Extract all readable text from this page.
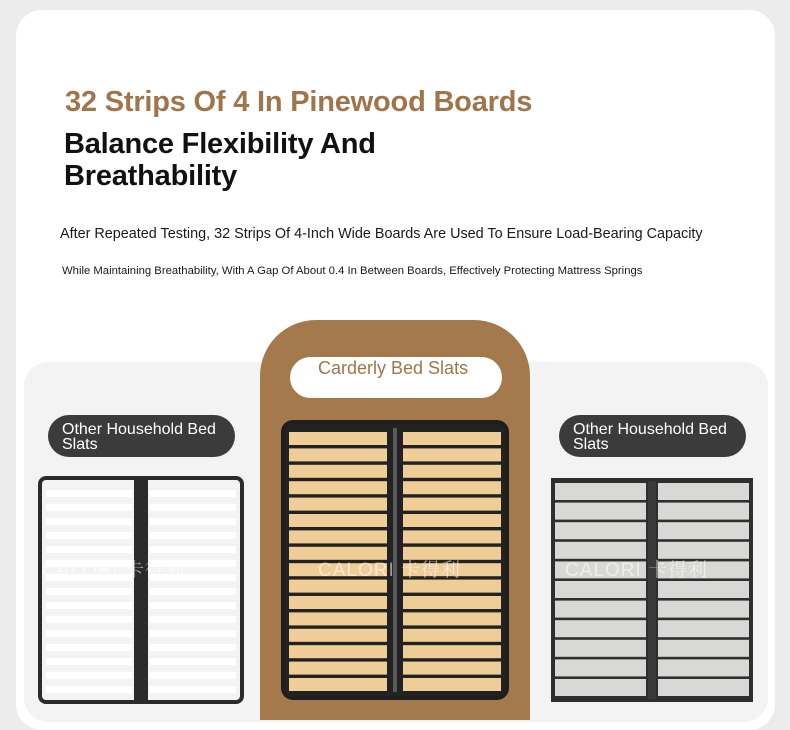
32 Strips Of 4 In Pinewood Boards
Balance Flexibility And Breathability

After Repeated Testing, 32 Strips Of 4-Inch Wide Boards Are Used To Ensure Load-Bearing Capacity

While Maintaining Breathability, With A Gap Of About 0.4 In Between Boards, Effectively Protecting Mattress Springs

CALORI 卡得利	CALORI 卡得利	CALORI 卡得利
Other Household Bed Slats
Carderly Bed Slats
Other Household Bed Slats
